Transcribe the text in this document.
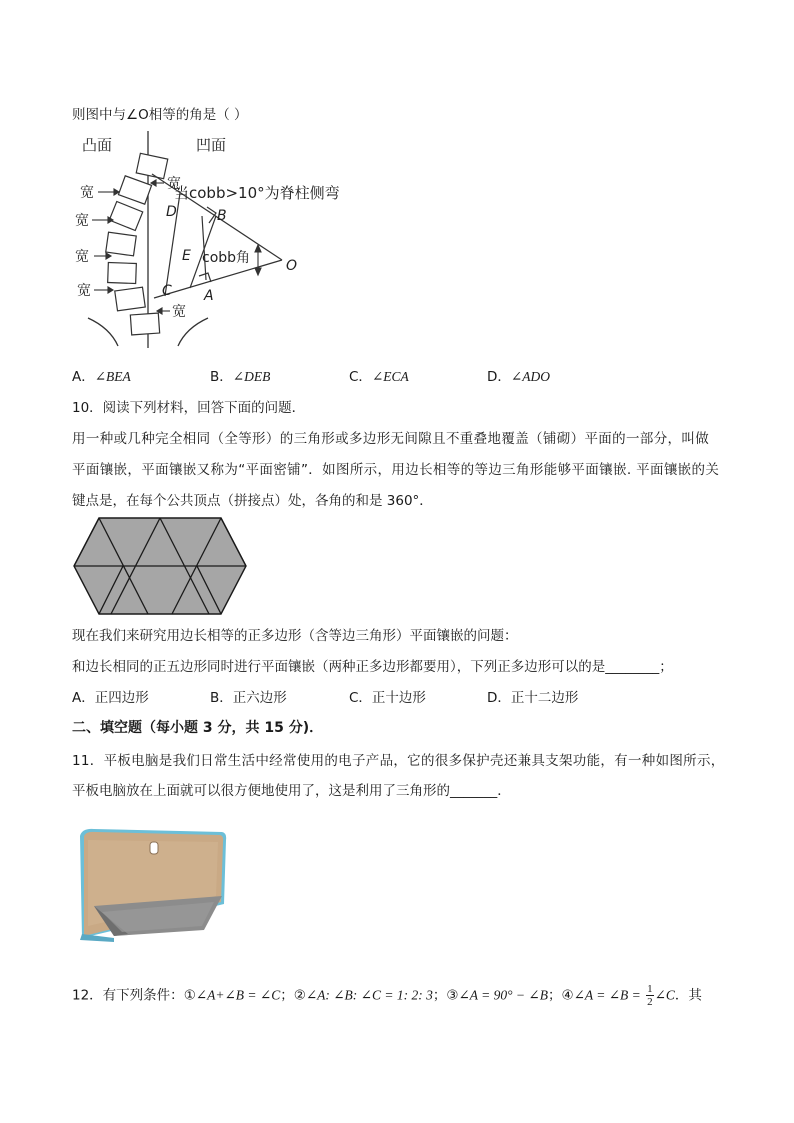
则图中与∠O相等的角是（ ）
凸面	凹面
宽
宽
宽
宽
宽
宽
当cobb>10°为脊柱侧弯
D	B
E
C A
O
cobb角
A．∠BEA	B．∠DEB	C．∠ECA	D．∠ADO
10．阅读下列材料，回答下面的问题．
用一种或几种完全相同（全等形）的三角形或多边形无间隙且不重叠地覆盖（铺砌）平面的一部分，叫做
平面镶嵌，平面镶嵌又称为“平面密铺”．如图所示，用边长相等的等边三角形能够平面镶嵌. 平面镶嵌的关
键点是，在每个公共顶点（拼接点）处，各角的和是 360°．
现在我们来研究用边长相等的正多边形（含等边三角形）平面镶嵌的问题：
和边长相同的正五边形同时进行平面镶嵌（两种正多边形都要用），下列正多边形可以的是________；
A．正四边形	B．正六边形	C．正十边形	D．正十二边形
二、填空题（每小题 3 分，共 15 分)．
11．平板电脑是我们日常生活中经常使用的电子产品，它的很多保护壳还兼具支架功能，有一种如图所示，
平板电脑放在上面就可以很方便地使用了，这是利用了三角形的_______．
12．有下列条件：①∠A+∠B = ∠C；②∠A: ∠B: ∠C = 1: 2: 3；③∠A = 90° − ∠B；④∠A = ∠B = $\frac{1}{2}$ ∠C．其
